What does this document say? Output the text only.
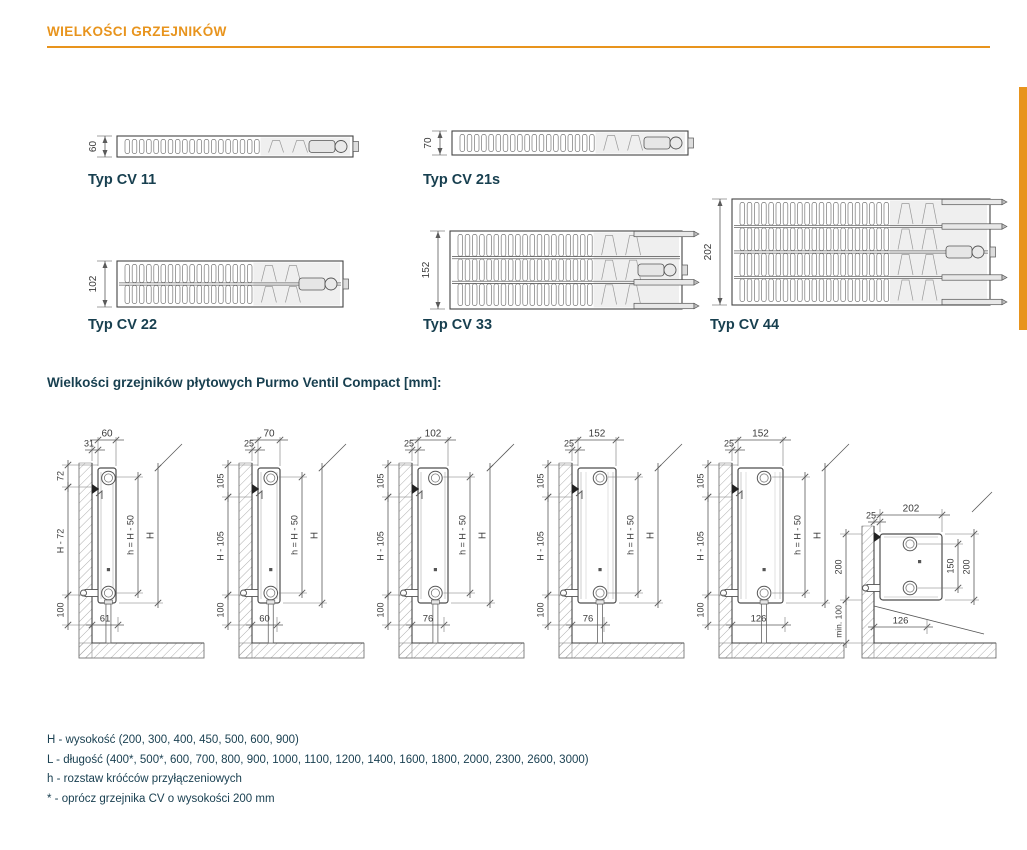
WIELKOŚCI GRZEJNIKÓW
60	70
102
152
202
Typ CV 11	Typ CV 21s
Typ CV 22	Typ CV 33	Typ CV 44
Wielkości grzejników płytowych Purmo Ventil Compact [mm]:
60
31
72
H - 72
100
h = H - 50 H
61
70
25
105
H - 105
100
h = H - 50 H
60
102
25
105
H - 105
100
h = H - 50 H
76
152
25
105
H - 105
100
h = H - 50 H
76
152
25
105
H - 105
100
h = H - 50 H
126
202
25
150 200
200
min. 100	126

H - wysokość (200, 300, 400, 450, 500, 600, 900)

L - długość (400*, 500*, 600, 700, 800, 900, 1000, 1100, 1200, 1400, 1600, 1800, 2000, 2300, 2600, 3000)

h - rozstaw króćców przyłączeniowych

* - oprócz grzejnika CV o wysokości 200 mm
